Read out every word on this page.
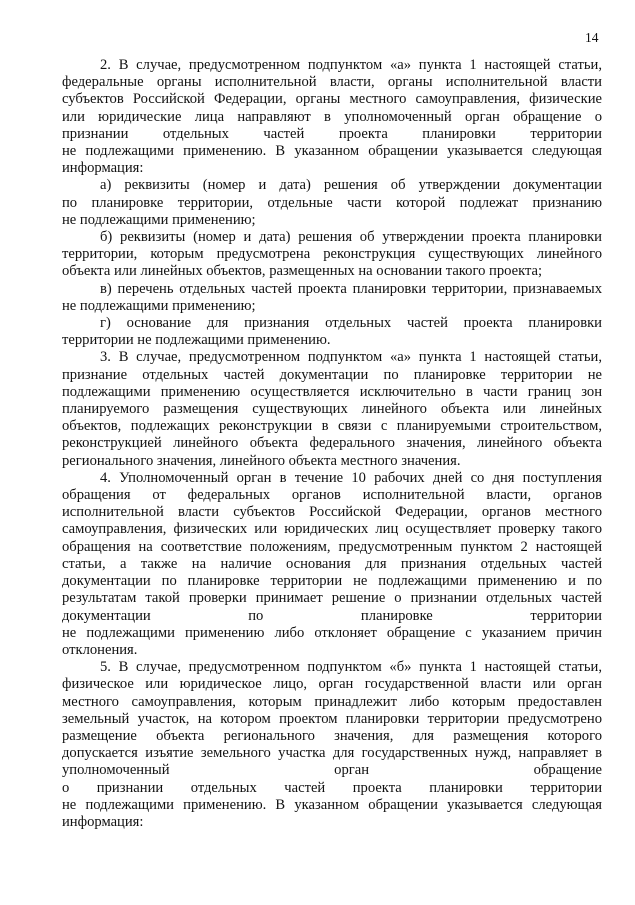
14
2. В случае, предусмотренном подпунктом «а» пункта 1 настоящей статьи,
федеральные органы исполнительной власти, органы исполнительной власти
субъектов Российской Федерации, органы местного самоуправления, физические
или юридические лица направляют в уполномоченный орган обращение о
признании отдельных частей проекта планировки территории
не подлежащими применению. В указанном обращении указывается следующая
информация:
а) реквизиты (номер и дата) решения об утверждении документации
по планировке территории, отдельные части которой подлежат признанию
не подлежащими применению;
б) реквизиты (номер и дата) решения об утверждении проекта планировки
территории, которым предусмотрена реконструкция существующих линейного
объекта или линейных объектов, размещенных на основании такого проекта;
в) перечень отдельных частей проекта планировки территории, признаваемых
не подлежащими применению;
г) основание для признания отдельных частей проекта планировки
территории не подлежащими применению.
3. В случае, предусмотренном подпунктом «а» пункта 1 настоящей статьи,
признание отдельных частей документации по планировке территории не
подлежащими применению осуществляется исключительно в части границ зон
планируемого размещения существующих линейного объекта или линейных
объектов, подлежащих реконструкции в связи с планируемыми строительством,
реконструкцией линейного объекта федерального значения, линейного объекта
регионального значения, линейного объекта местного значения.
4. Уполномоченный орган в течение 10 рабочих дней со дня поступления
обращения от федеральных органов исполнительной власти, органов
исполнительной власти субъектов Российской Федерации, органов местного
самоуправления, физических или юридических лиц осуществляет проверку такого
обращения на соответствие положениям, предусмотренным пунктом 2 настоящей
статьи, а также на наличие основания для признания отдельных частей
документации по планировке территории не подлежащими применению и по
результатам такой проверки принимает решение о признании отдельных частей
документации по планировке территории
не подлежащими применению либо отклоняет обращение с указанием причин
отклонения.
5. В случае, предусмотренном подпунктом «б» пункта 1 настоящей статьи,
физическое или юридическое лицо, орган государственной власти или орган
местного самоуправления, которым принадлежит либо которым предоставлен
земельный участок, на котором проектом планировки территории предусмотрено
размещение объекта регионального значения, для размещения которого
допускается изъятие земельного участка для государственных нужд, направляет в
уполномоченный орган обращение
о признании отдельных частей проекта планировки территории
не подлежащими применению. В указанном обращении указывается следующая
информация:
